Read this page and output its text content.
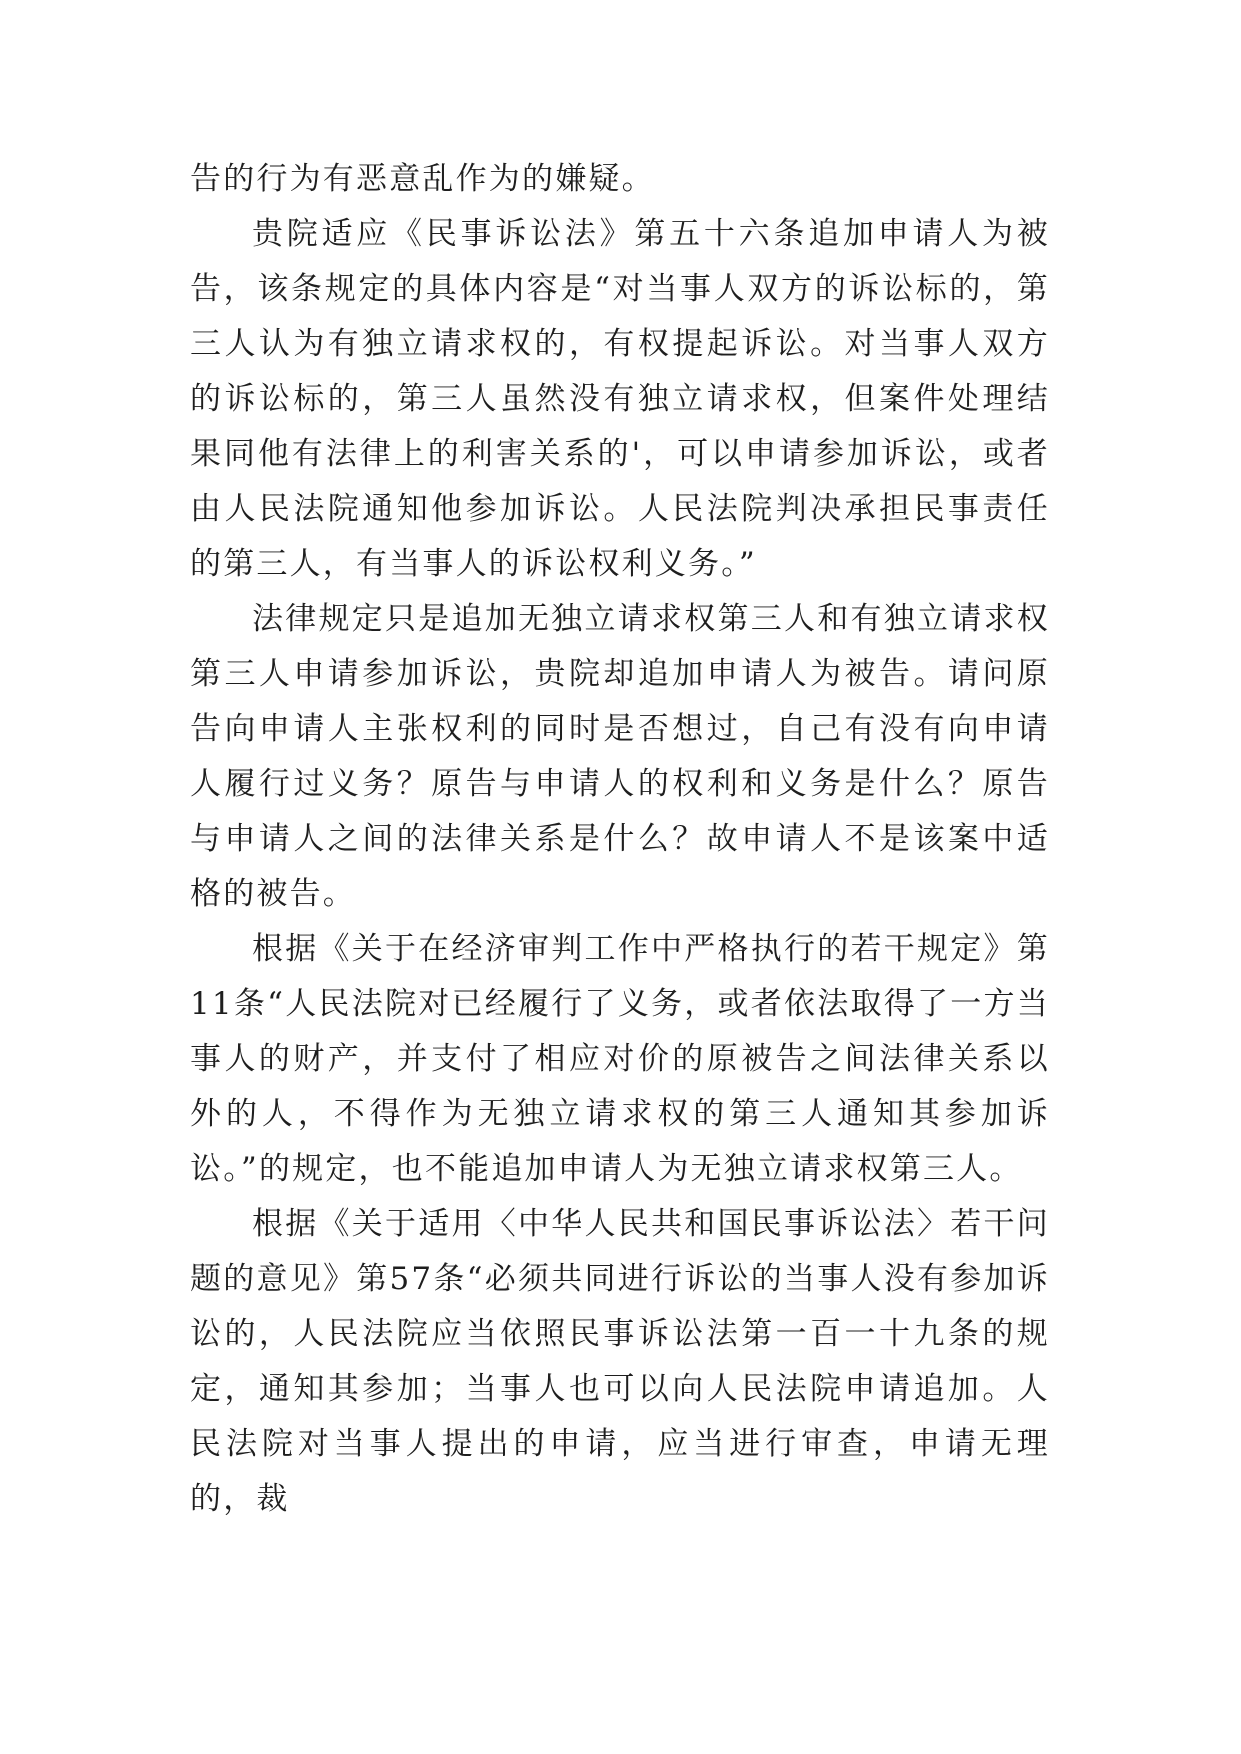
告的行为有恶意乱作为的嫌疑。

贵院适应《民事诉讼法》第五十六条追加申请人为被告，该条规定的具体内容是“对当事人双方的诉讼标的，第三人认为有独立请求权的，有权提起诉讼。对当事人双方的诉讼标的，第三人虽然没有独立请求权，但案件处理结果同他有法律上的利害关系的'，可以申请参加诉讼，或者由人民法院通知他参加诉讼。人民法院判决承担民事责任的第三人，有当事人的诉讼权利义务。”

法律规定只是追加无独立请求权第三人和有独立请求权第三人申请参加诉讼，贵院却追加申请人为被告。请问原告向申请人主张权利的同时是否想过，自己有没有向申请人履行过义务？原告与申请人的权利和义务是什么？原告与申请人之间的法律关系是什么？故申请人不是该案中适格的被告。

根据《关于在经济审判工作中严格执行的若干规定》第11条“人民法院对已经履行了义务，或者依法取得了一方当事人的财产，并支付了相应对价的原被告之间法律关系以外的人，不得作为无独立请求权的第三人通知其参加诉讼。”的规定，也不能追加申请人为无独立请求权第三人。

根据《关于适用〈中华人民共和国民事诉讼法〉若干问题的意见》第57条“必须共同进行诉讼的当事人没有参加诉讼的，人民法院应当依照民事诉讼法第一百一十九条的规定，通知其参加；当事人也可以向人民法院申请追加。人民法院对当事人提出的申请，应当进行审查，申请无理的，裁
